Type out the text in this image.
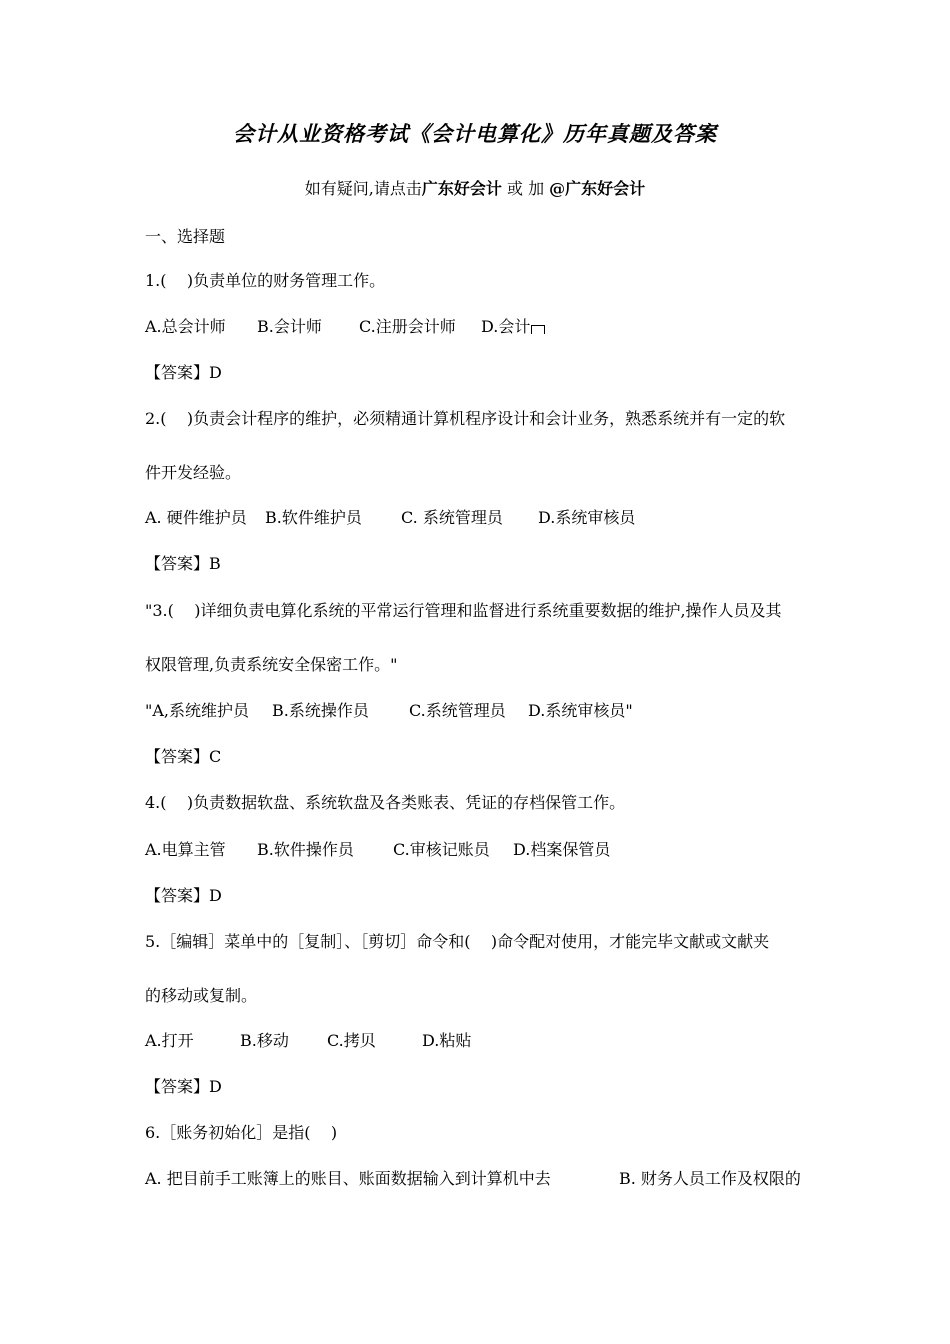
会计从业资格考试《会计电算化》历年真题及答案
如有疑问,请点击广东好会计 或 加 @广东好会计
一、选择题
1.(    )负责单位的财务管理工作。
A.总会计师 B.会计师 C.注册会计师 D.会计
【答案】D
2.(    )负责会计程序的维护，必须精通计算机程序设计和会计业务，熟悉系统并有一定的软
件开发经验。
A. 硬件维护员 B.软件维护员 C. 系统管理员 D.系统审核员
【答案】B
"3.(    )详细负责电算化系统的平常运行管理和监督进行系统重要数据的维护,操作人员及其
权限管理,负责系统安全保密工作。"
"A,系统维护员 B.系统操作员	C.系统管理员 D.系统审核员"
【答案】C
4.(    )负责数据软盘、系统软盘及各类账表、凭证的存档保管工作。
A.电算主管 B.软件操作员 C.审核记账员 D.档案保管员
【答案】D
5.［编辑］菜单中的［复制］、［剪切］命令和(    )命令配对使用，才能完毕文献或文献夹
的移动或复制。
A.打开	B.移动 C.拷贝	D.粘贴
【答案】D
6.［账务初始化］是指(    )
A. 把目前手工账簿上的账目、账面数据输入到计算机中去	B. 财务人员工作及权限的
